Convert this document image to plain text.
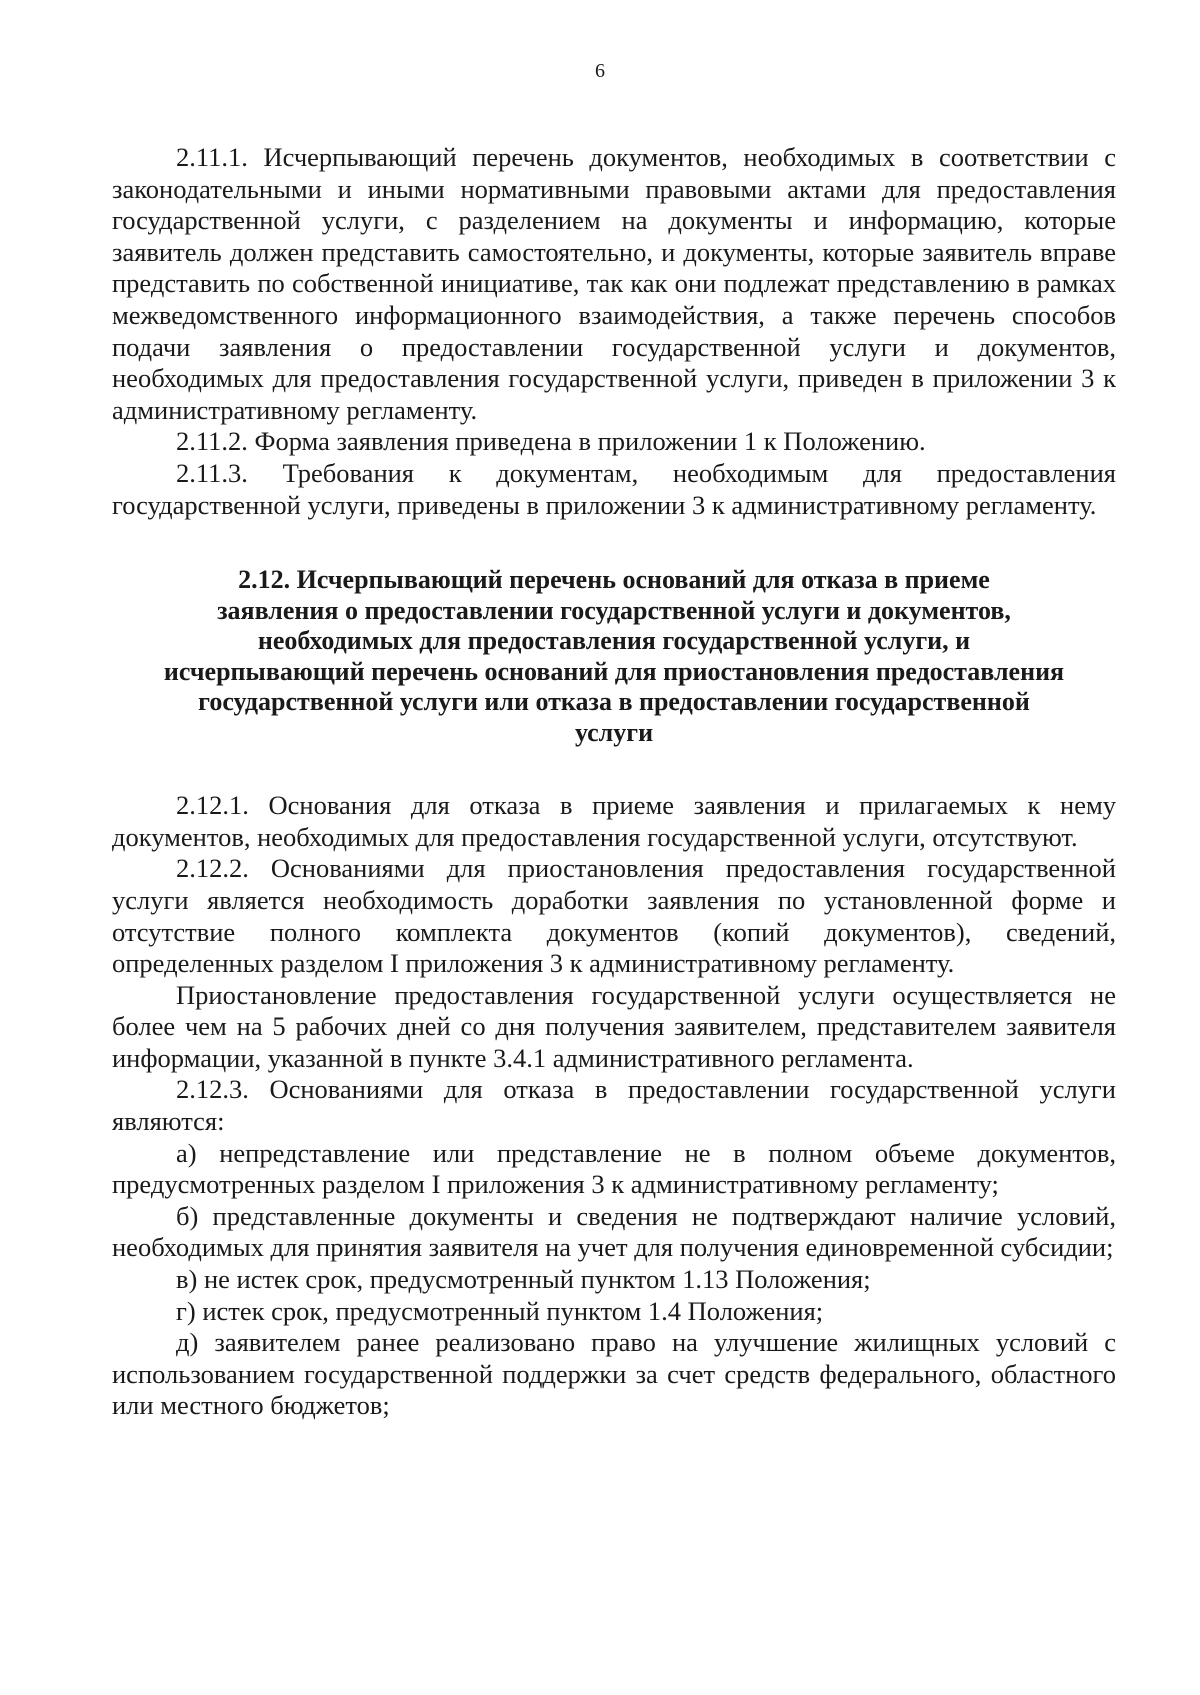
6

2.11.1. Исчерпывающий перечень документов, необходимых в соответствии с законодательными и иными нормативными правовыми актами для предоставления государственной услуги, с разделением на документы и информацию, которые заявитель должен представить самостоятельно, и документы, которые заявитель вправе представить по собственной инициативе, так как они подлежат представлению в рамках межведомственного информационного взаимодействия, а также перечень способов подачи заявления о предоставлении государственной услуги и документов, необходимых для предоставления государственной услуги, приведен в приложении 3 к административному регламенту.

2.11.2. Форма заявления приведена в приложении 1 к Положению.

2.11.3. Требования к документам, необходимым для предоставления государственной услуги, приведены в приложении 3 к административному регламенту.

2.12. Исчерпывающий перечень оснований для отказа в приеме
заявления о предоставлении государственной услуги и документов,
необходимых для предоставления государственной услуги, и
исчерпывающий перечень оснований для приостановления предоставления
государственной услуги или отказа в предоставлении государственной
услуги

2.12.1. Основания для отказа в приеме заявления и прилагаемых к нему документов, необходимых для предоставления государственной услуги, отсутствуют.

2.12.2. Основаниями для приостановления предоставления государственной услуги является необходимость доработки заявления по установленной форме и отсутствие полного комплекта документов (копий документов), сведений, определенных разделом I приложения 3 к административному регламенту.

Приостановление предоставления государственной услуги осуществляется не более чем на 5 рабочих дней со дня получения заявителем, представителем заявителя информации, указанной в пункте 3.4.1 административного регламента.

2.12.3. Основаниями для отказа в предоставлении государственной услуги являются:

а) непредставление или представление не в полном объеме документов, предусмотренных разделом I приложения 3 к административному регламенту;

б) представленные документы и сведения не подтверждают наличие условий, необходимых для принятия заявителя на учет для получения единовременной субсидии;

в) не истек срок, предусмотренный пунктом 1.13 Положения;

г) истек срок, предусмотренный пунктом 1.4 Положения;

д) заявителем ранее реализовано право на улучшение жилищных условий с использованием государственной поддержки за счет средств федерального, областного или местного бюджетов;
